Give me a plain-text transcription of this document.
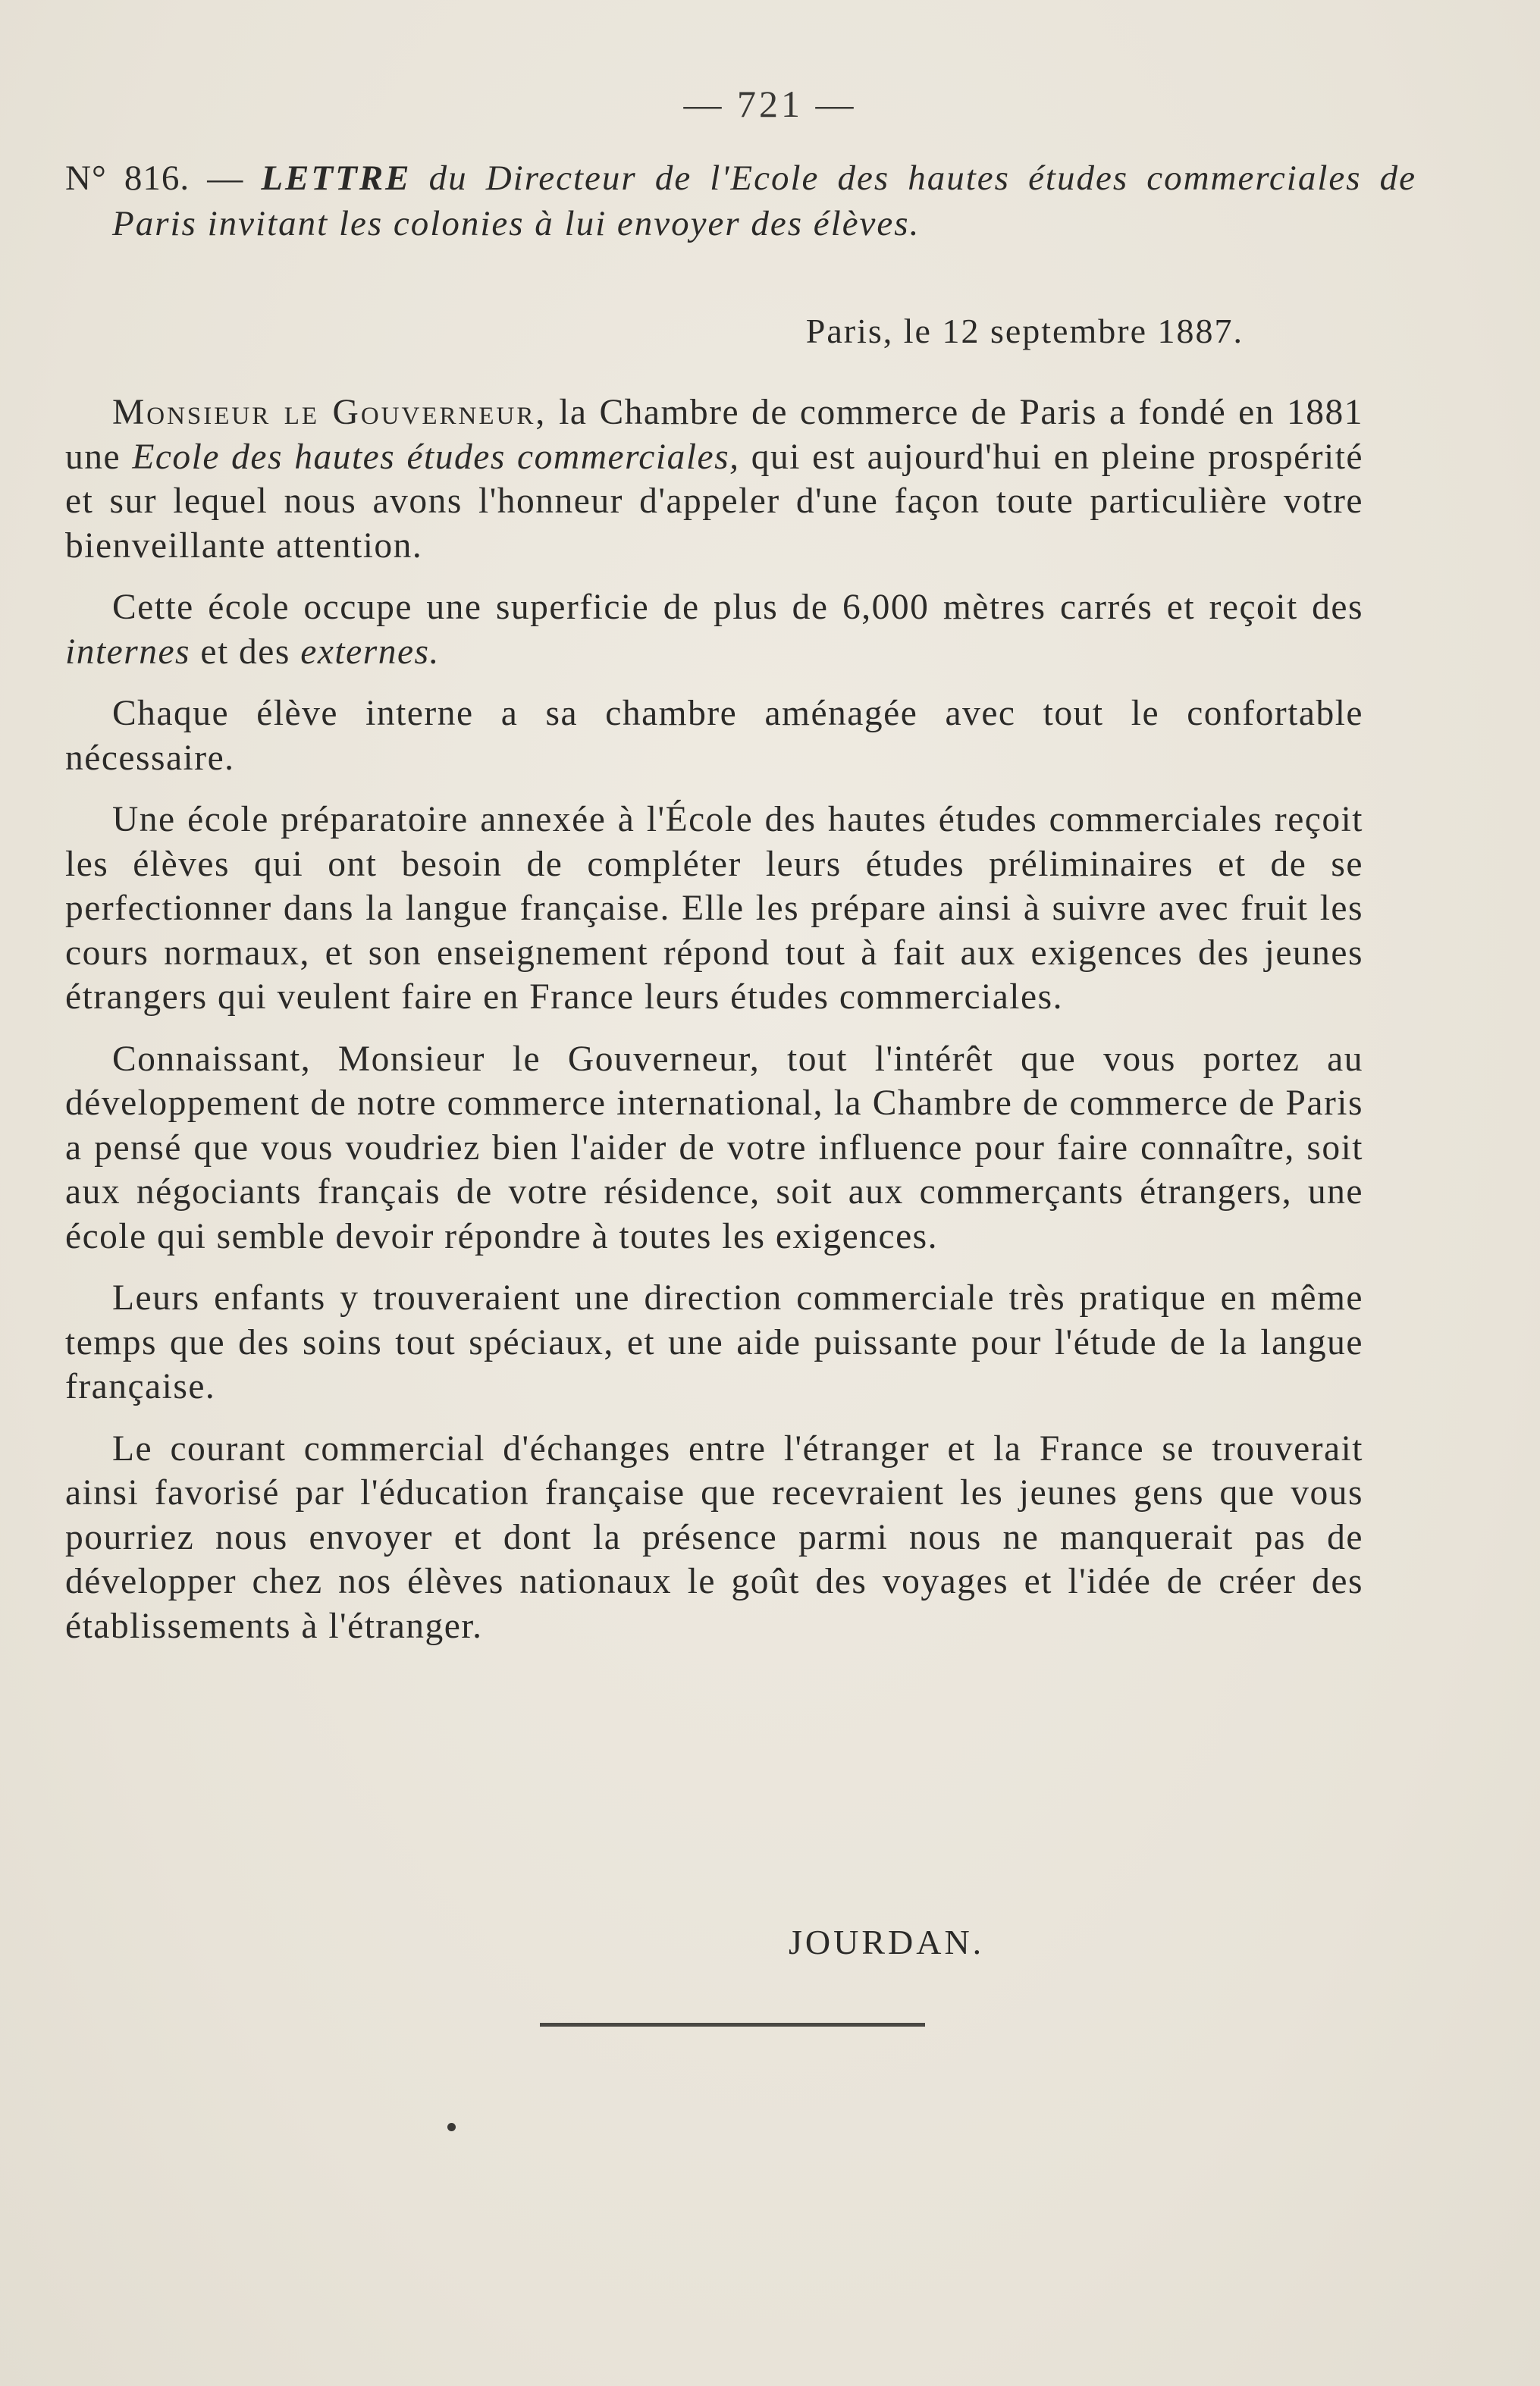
— 721 —
N° 816. — LETTRE du Directeur de l'Ecole des hautes études commerciales de Paris invitant les colonies à lui envoyer des élèves.
Paris, le 12 septembre 1887.

Monsieur le Gouverneur, la Chambre de commerce de Paris a fondé en 1881 une Ecole des hautes études commerciales, qui est aujourd'hui en pleine prospérité et sur lequel nous avons l'honneur d'appeler d'une façon toute particulière votre bienveillante attention.

Cette école occupe une superficie de plus de 6,000 mètres carrés et reçoit des internes et des externes.

Chaque élève interne a sa chambre aménagée avec tout le confortable nécessaire.

Une école préparatoire annexée à l'École des hautes études commerciales reçoit les élèves qui ont besoin de compléter leurs études préliminaires et de se perfectionner dans la langue française. Elle les prépare ainsi à suivre avec fruit les cours normaux, et son enseignement répond tout à fait aux exigences des jeunes étrangers qui veulent faire en France leurs études commerciales.

Connaissant, Monsieur le Gouverneur, tout l'intérêt que vous portez au développement de notre commerce international, la Chambre de commerce de Paris a pensé que vous voudriez bien l'aider de votre influence pour faire connaître, soit aux négociants français de votre résidence, soit aux commerçants étrangers, une école qui semble devoir répondre à toutes les exigences.

Leurs enfants y trouveraient une direction commerciale très pratique en même temps que des soins tout spéciaux, et une aide puissante pour l'étude de la langue française.

Le courant commercial d'échanges entre l'étranger et la France se trouverait ainsi favorisé par l'éducation française que recevraient les jeunes gens que vous pourriez nous envoyer et dont la présence parmi nous ne manquerait pas de développer chez nos élèves nationaux le goût des voyages et l'idée de créer des établissements à l'étranger.

JOURDAN.
